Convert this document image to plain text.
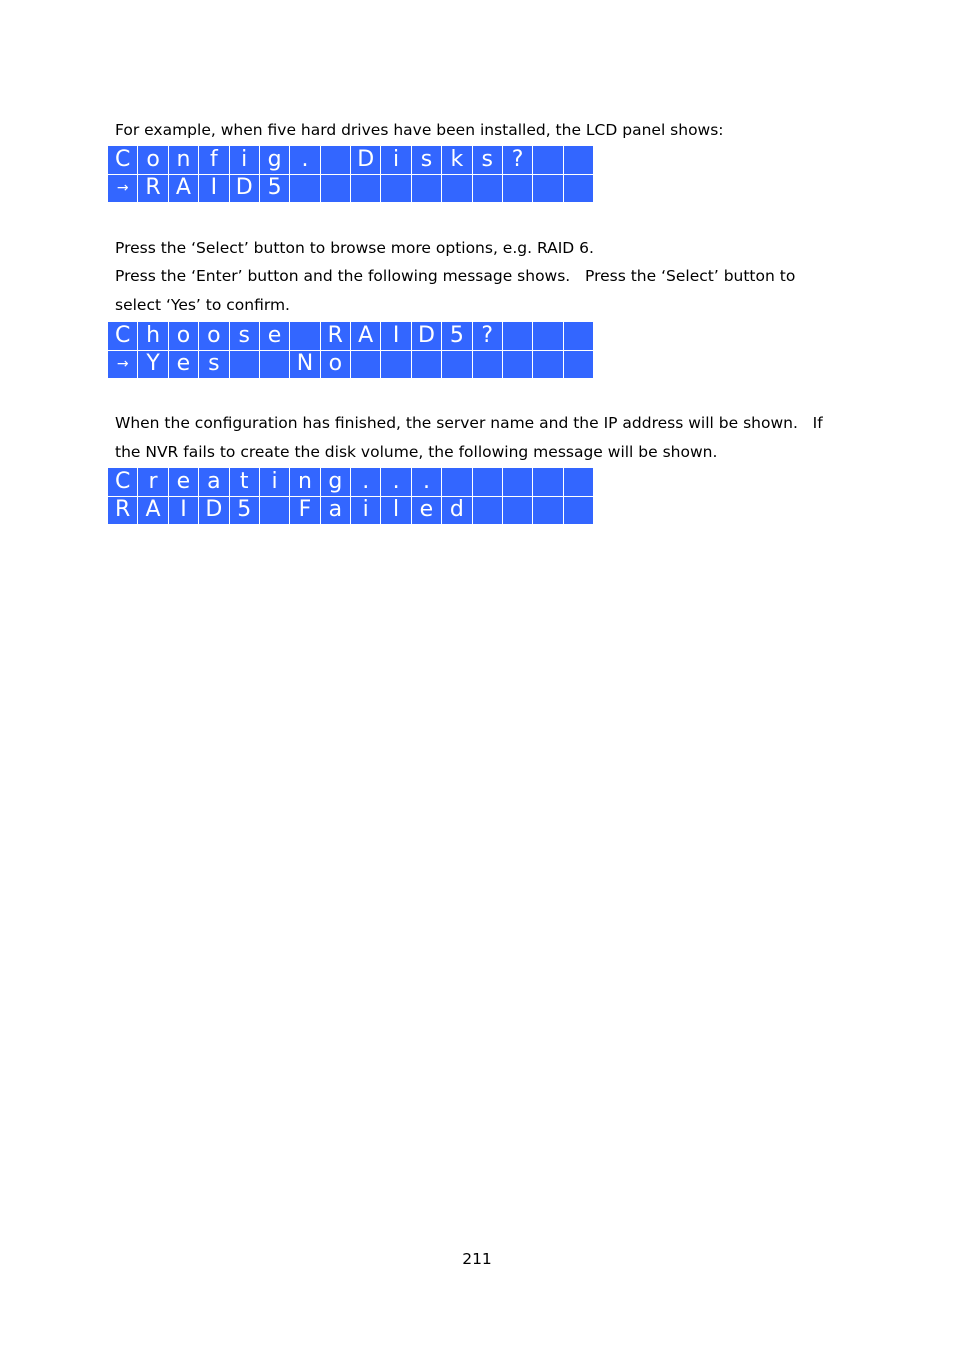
For example, when five hard drives have been installed, the LCD panel shows:

C	o	n	f	i	g	.		D	i	s	k	s	?		
→	R	A	I	D	5										

Press the ‘Select’ button to browse more options, e.g. RAID 6.

Press the ‘Enter’ button and the following message shows.   Press the ‘Select’ button to

select ‘Yes’ to confirm.

C	h	o	o	s	e		R	A	I	D	5	?			
→	Y	e	s			N	o								

When the configuration has finished, the server name and the IP address will be shown.   If

the NVR fails to create the disk volume, the following message will be shown.

C	r	e	a	t	i	n	g	.	.	.					
R	A	I	D	5		F	a	i	l	e	d				
211
